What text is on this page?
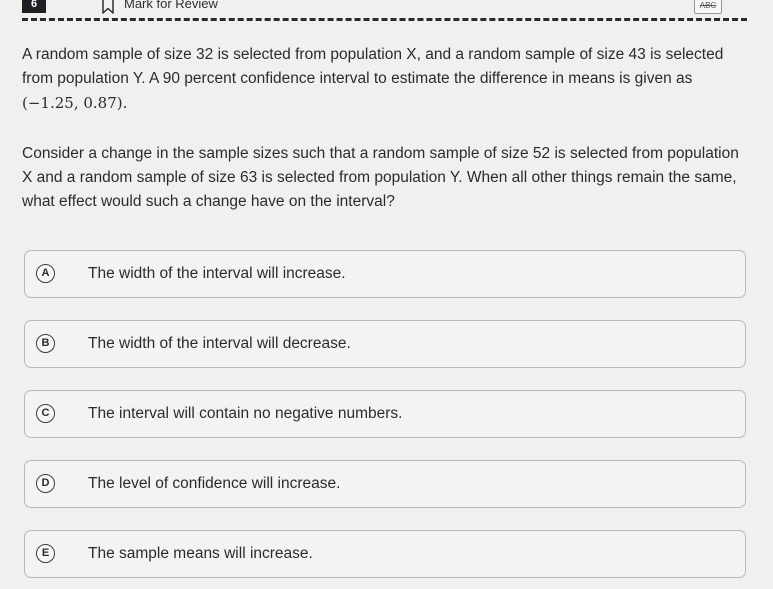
6	Mark for Review	ABC

A random sample of size 32 is selected from population X, and a random sample of size 43 is selected from population Y. A 90 percent confidence interval to estimate the difference in means is given as
(−1.25, 0.87).

Consider a change in the sample sizes such that a random sample of size 52 is selected from population X and a random sample of size 63 is selected from population Y. When all other things remain the same, what effect would such a change have on the interval?

A	The width of the interval will increase.
B	The width of the interval will decrease.
C	The interval will contain no negative numbers.
D	The level of confidence will increase.
E	The sample means will increase.
